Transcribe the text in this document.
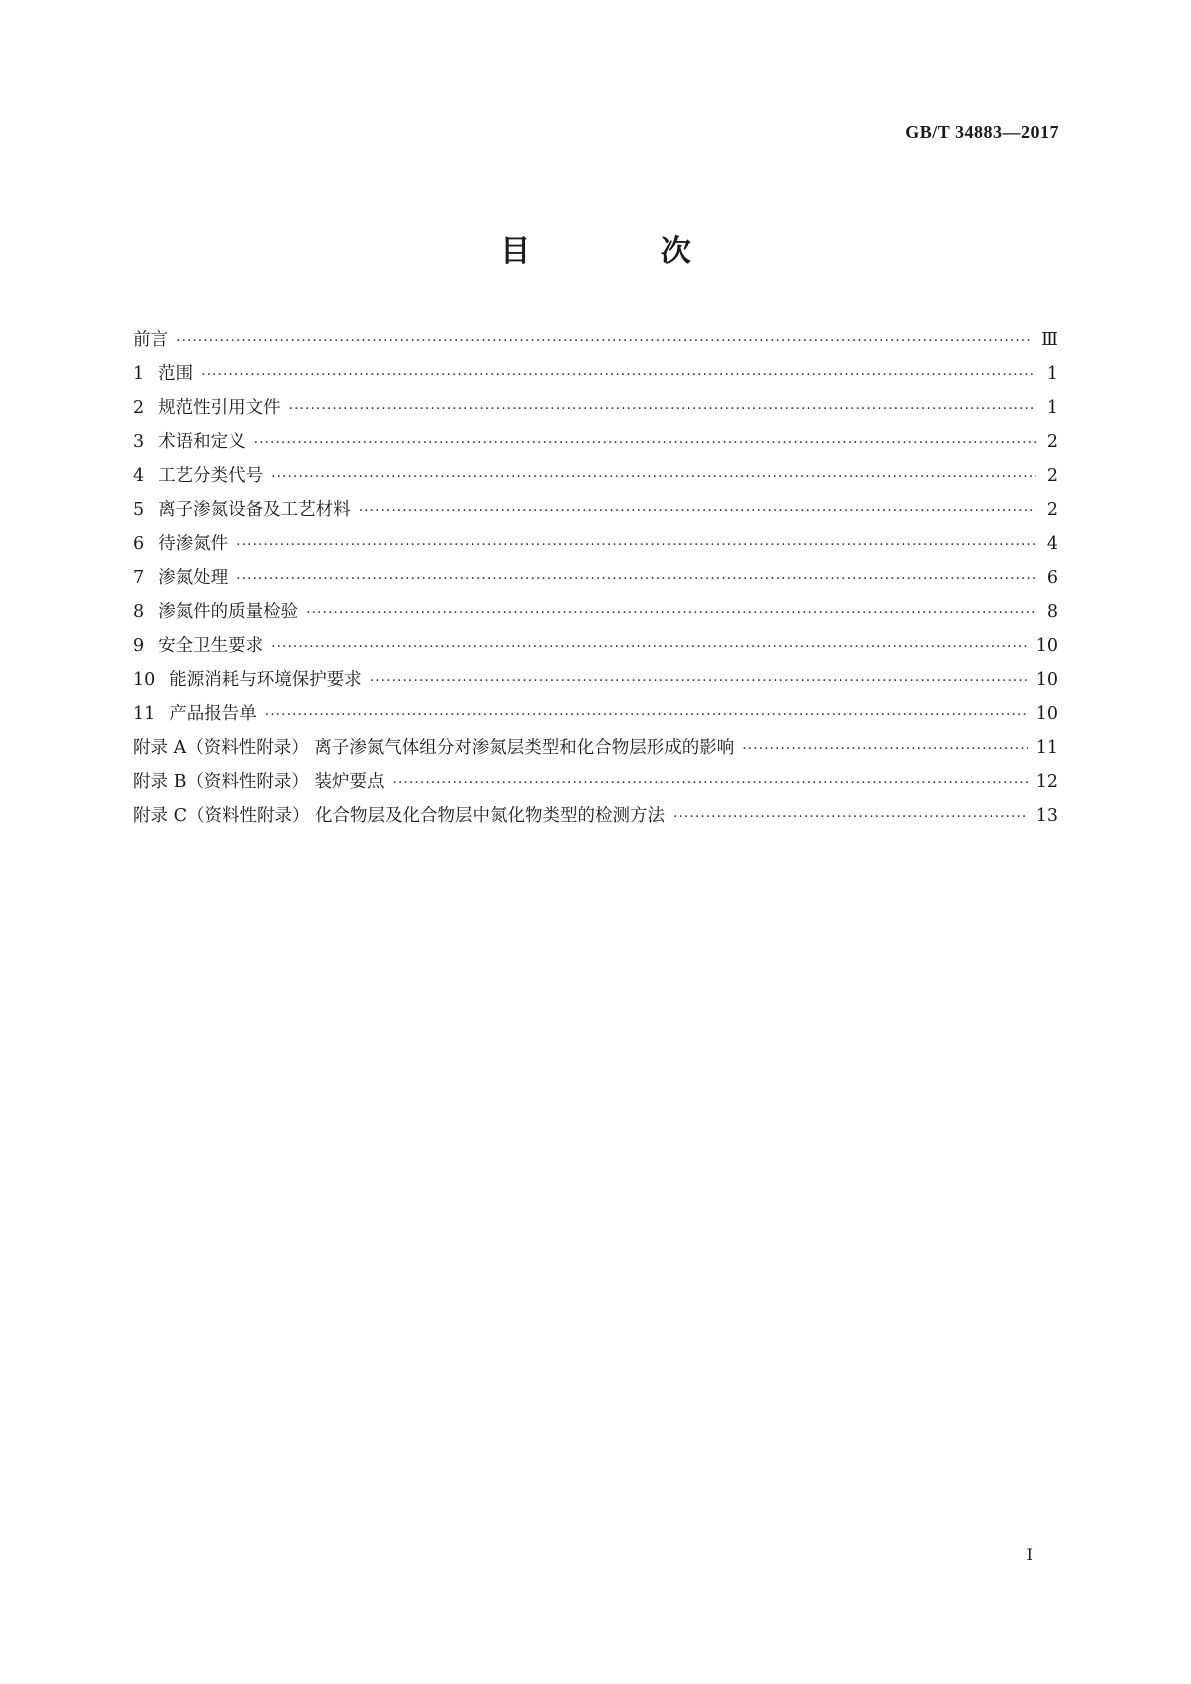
GB/T 34883—2017
目 次
前言 ·····	Ⅲ
1 范围 ·····	1
2 规范性引用文件 ·····	1
3 术语和定义 ·····	2
4 工艺分类代号 ·····	2
5 离子渗氮设备及工艺材料 ·····	2
6 待渗氮件 ·····	4
7 渗氮处理 ·····	6
8 渗氮件的质量检验 ·····	8
9 安全卫生要求 ·····	10
10 能源消耗与环境保护要求 ·····	10
11 产品报告单 ·····	10
附录 A（资料性附录） 离子渗氮气体组分对渗氮层类型和化合物层形成的影响 ·····	11
附录 B（资料性附录） 装炉要点 ·····	12
附录 C（资料性附录） 化合物层及化合物层中氮化物类型的检测方法 ·····	13
I
